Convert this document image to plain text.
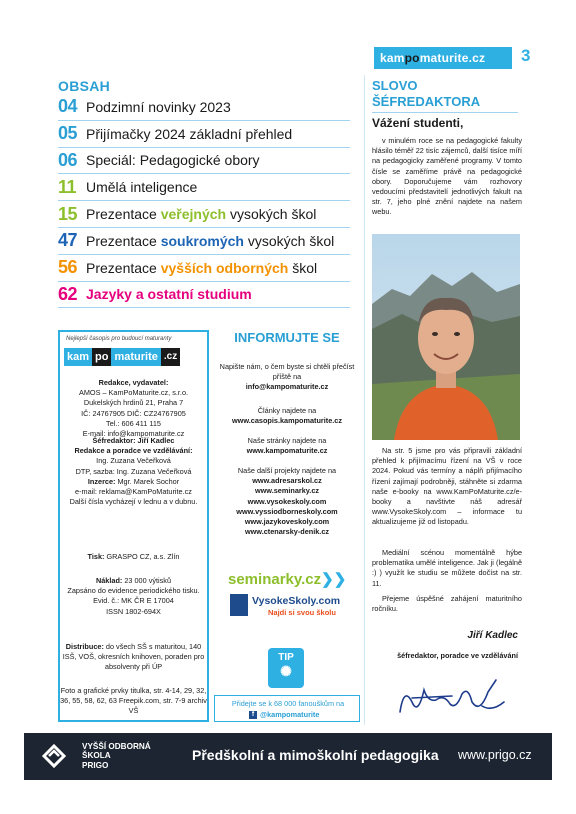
kampomaturite.cz 3
OBSAH
04 Podzimní novinky 2023
05 Přijímačky 2024 základní přehled
06 Speciál: Pedagogické obory
11 Umělá inteligence
15 Prezentace veřejných vysokých škol
47 Prezentace soukromých vysokých škol
56 Prezentace vyšších odborných škol
62 Jazyky a ostatní studium
Nejlepší časopis pro budoucí maturanty
kam po maturite .cz
Redakce, vydavatel:
AMOS – KamPoMaturite.cz, s.r.o.
Dukelských hrdinů 21, Praha 7
IČ: 24767905 DIČ: CZ24767905
Tel.: 606 411 115
E-mail: info@kampomaturite.cz
Šéfredaktor: Jiří Kadlec
Redakce a poradce ve vzdělávání:
Ing. Zuzana Večeřková
DTP, sazba: Ing. Zuzana Večeřková
Inzerce: Mgr. Marek Sochor
e-mail: reklama@KamPoMaturite.cz
Další čísla vycházejí v lednu a v dubnu.
Tisk: GRASPO CZ, a.s. Zlín
Náklad: 23 000 výtisků
Zapsáno do evidence periodického tisku.
Evid. č.: MK ČR E 17004
ISSN 1802-694X
Distribuce: do všech SŠ s maturitou, 140 ISŠ, VOŠ, okresních knihoven, poraden pro absolventy při ÚP
Foto a grafické prvky titulka, str. 4-14, 29, 32, 36, 55, 58, 62, 63 Freepik.com, str. 7-9 archiv VŠ
INFORMUJTE SE
Napište nám, o čem byste si chtěli přečíst příště na
info@kampomaturite.cz
Články najdete na
www.casopis.kampomaturite.cz
Naše stránky najdete na
www.kampomaturite.cz
Naše další projekty najdete na
www.adresarskol.cz
www.seminarky.cz
www.vysokeskoly.com
www.vyssiodborneskoly.com
www.jazykoveskoly.com
www.ctenarsky-denik.cz
seminarky.cz❯❯
VysokeSkoly.com
Najdi si svou školu
TIP
✺
Přidejte se k 68 000 fanouškům na
f @kampomaturite
SLOVO
ŠÉFREDAKTORA
Vážení studenti,
v minulém roce se na pedagogické fakulty hlásilo téměř 22 tisíc zájemců, další tisíce míří na pedagogicky zaměřené programy. V tomto čísle se zaměříme právě na pedagogické obory. Doporučujeme vám rozhovory vedoucími představitelí jednotlivých fakult na str. 7, jeho plné znění najdete na našem webu.
Na str. 5 jsme pro vás připravili základní přehled k přijímacímu řízení na VŠ v roce 2024. Pokud vás termíny a náplň přijímacího řízení zajímají podrobněji, stáhněte si zdarma naše e-booky na www.KamPoMaturite.cz/e-booky a navštivte náš adresář www.VysokeSkoly.com – informace tu aktualizujeme již od listopadu.
Mediální scénou momentálně hýbe problematika umělé inteligence. Jak ji (legálně :) ) využít ke studiu se můžete dočíst na str. 11.
Přejeme úspěšné zahájení maturitního ročníku.
Jiří Kadlec
šéfredaktor, poradce ve vzdělávání
VYŠŠÍ ODBORNÁ
ŠKOLA
PRIGO
Předškolní a mimoškolní pedagogika www.prigo.cz
